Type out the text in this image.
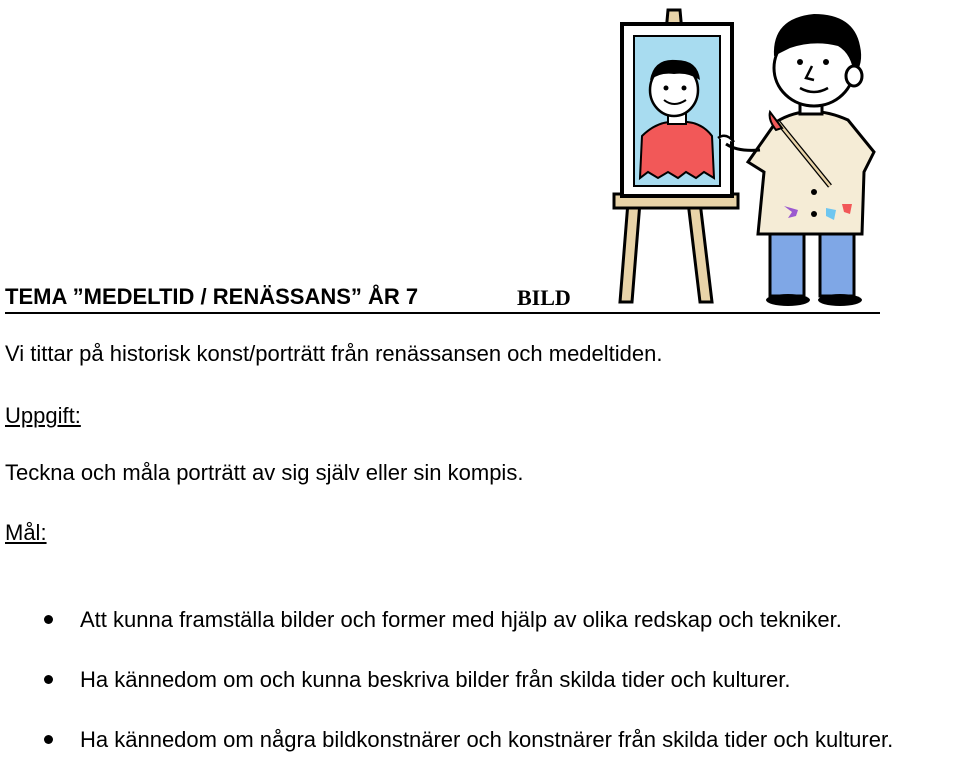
TEMA ”MEDELTID / RENÄSSANS” ÅR 7	BILD
Vi tittar på historisk konst/porträtt från renässansen och medeltiden.
Uppgift:
Teckna och måla porträtt av sig själv eller sin kompis.
Mål:
Att kunna framställa bilder och former med hjälp av olika redskap och tekniker.
Ha kännedom om och kunna beskriva bilder från skilda tider och kulturer.
Ha kännedom om några bildkonstnärer och konstnärer från skilda tider och kulturer.
